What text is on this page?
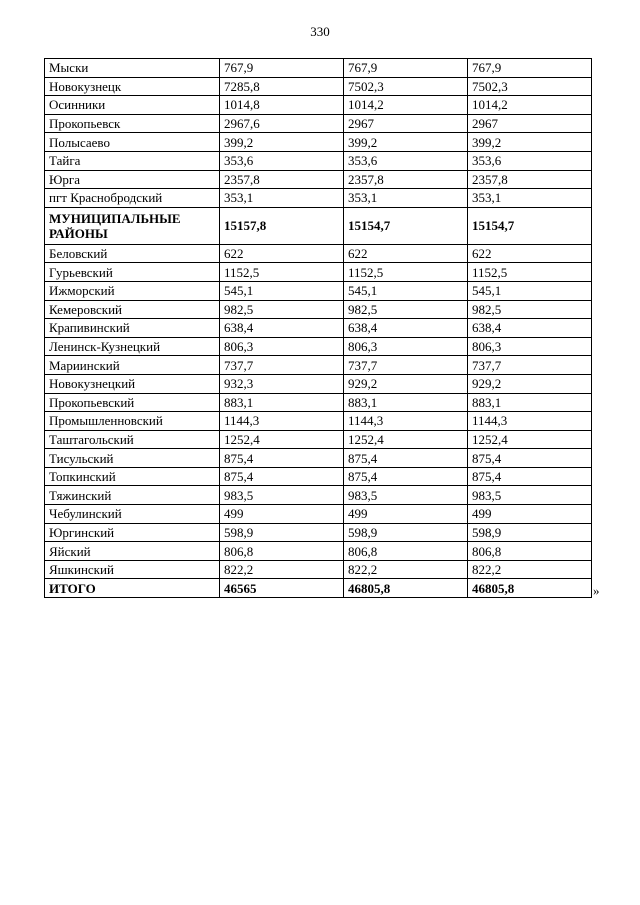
330
Мыски	767,9	767,9	767,9
Новокузнецк	7285,8	7502,3	7502,3
Осинники	1014,8	1014,2	1014,2
Прокопьевск	2967,6	2967	2967
Полысаево	399,2	399,2	399,2
Тайга	353,6	353,6	353,6
Юрга	2357,8	2357,8	2357,8
пгт Краснобродский	353,1	353,1	353,1
МУНИЦИПАЛЬНЫЕ РАЙОНЫ	15157,8	15154,7	15154,7
Беловский	622	622	622
Гурьевский	1152,5	1152,5	1152,5
Ижморский	545,1	545,1	545,1
Кемеровский	982,5	982,5	982,5
Крапивинский	638,4	638,4	638,4
Ленинск-Кузнецкий	806,3	806,3	806,3
Мариинский	737,7	737,7	737,7
Новокузнецкий	932,3	929,2	929,2
Прокопьевский	883,1	883,1	883,1
Промышленновский	1144,3	1144,3	1144,3
Таштагольский	1252,4	1252,4	1252,4
Тисульский	875,4	875,4	875,4
Топкинский	875,4	875,4	875,4
Тяжинский	983,5	983,5	983,5
Чебулинский	499	499	499
Юргинский	598,9	598,9	598,9
Яйский	806,8	806,8	806,8
Яшкинский	822,2	822,2	822,2
ИТОГО	46565	46805,8	46805,8	»
